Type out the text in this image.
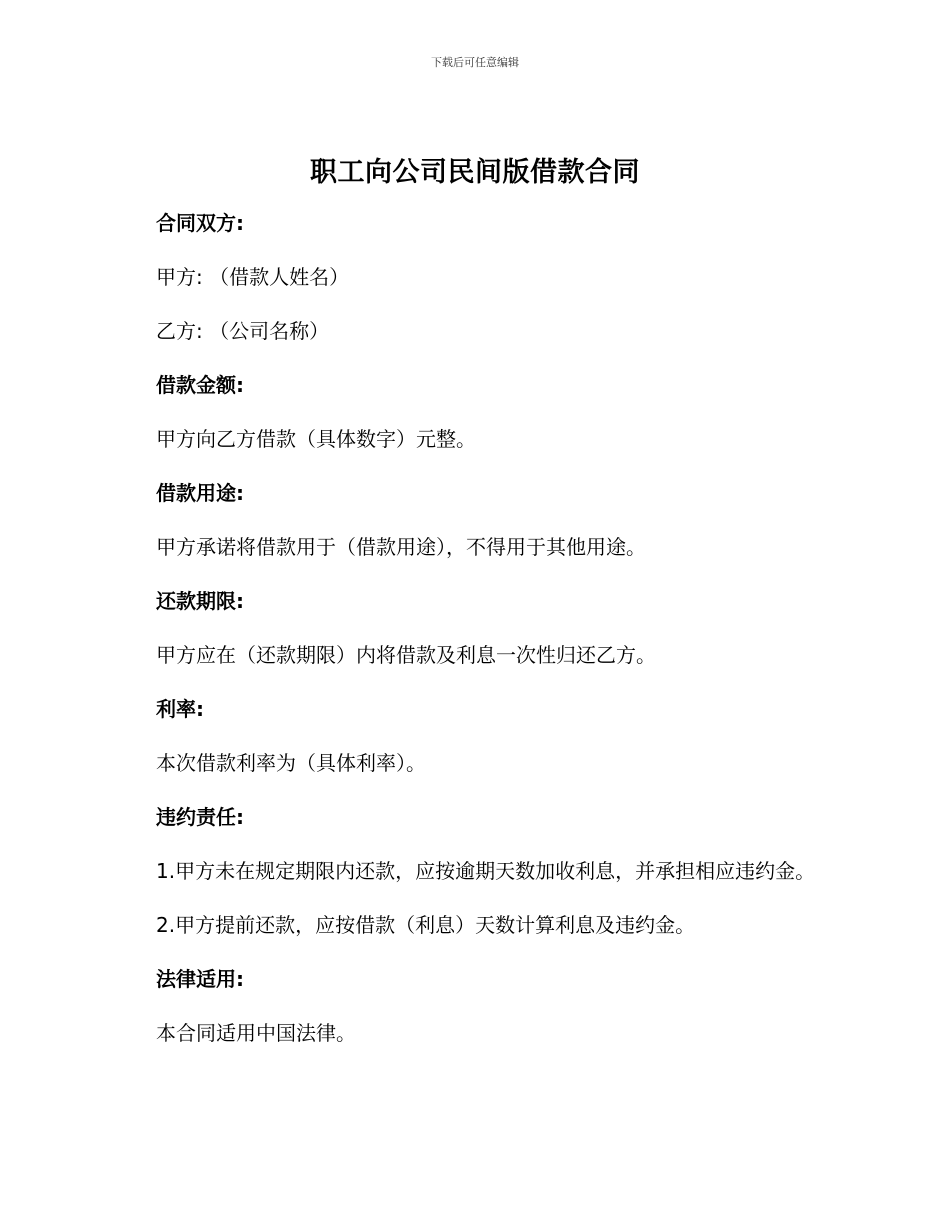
下载后可任意编辑
职工向公司民间版借款合同
合同双方:
甲方: （借款人姓名）
乙方: （公司名称）
借款金额:
甲方向乙方借款（具体数字）元整。
借款用途:
甲方承诺将借款用于（借款用途），不得用于其他用途。
还款期限:
甲方应在（还款期限）内将借款及利息一次性归还乙方。
利率:
本次借款利率为（具体利率）。
违约责任:
1.甲方未在规定期限内还款，应按逾期天数加收利息，并承担相应违约金。
2.甲方提前还款，应按借款（利息）天数计算利息及违约金。
法律适用:
本合同适用中国法律。
